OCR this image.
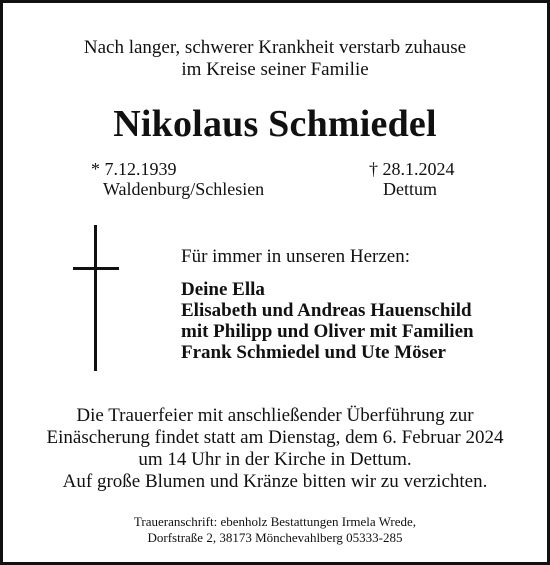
Nach langer, schwerer Krankheit verstarb zuhause
im Kreise seiner Familie
Nikolaus Schmiedel
* 7.12.1939
Waldenburg/Schlesien
† 28.1.2024
Dettum
Für immer in unseren Herzen:
Deine Ella
Elisabeth und Andreas Hauenschild
mit Philipp und Oliver mit Familien
Frank Schmiedel und Ute Möser
Die Trauerfeier mit anschließender Überführung zur
Einäscherung findet statt am Dienstag, dem 6. Februar 2024
um 14 Uhr in der Kirche in Dettum.
Auf große Blumen und Kränze bitten wir zu verzichten.
Traueranschrift: ebenholz Bestattungen Irmela Wrede,
Dorfstraße 2, 38173 Mönchevahlberg 05333-285
